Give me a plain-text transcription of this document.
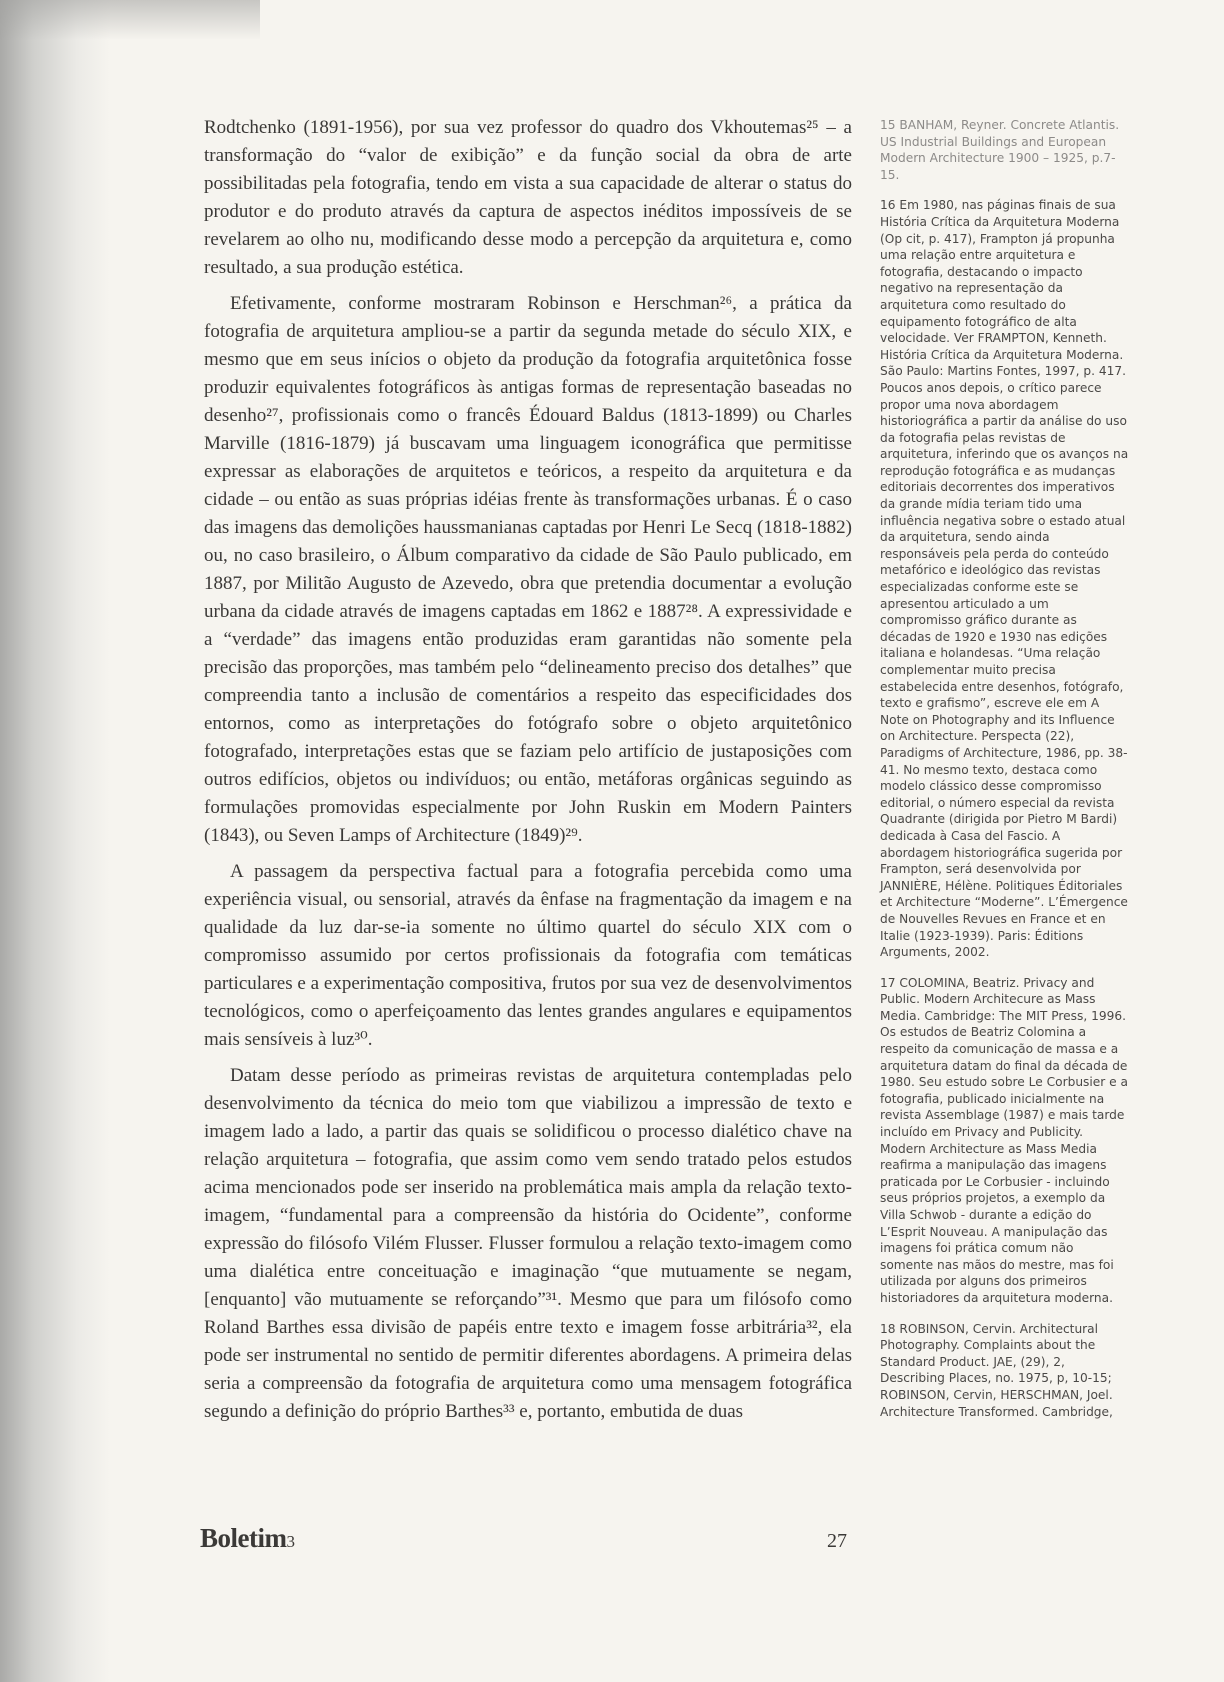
Rodtchenko (1891-1956), por sua vez professor do quadro dos Vkhoutemas²⁵ – a transformação do “valor de exibição” e da função social da obra de arte possibilitadas pela fotografia, tendo em vista a sua capacidade de alterar o status do produtor e do produto através da captura de aspectos inéditos impossíveis de se revelarem ao olho nu, modificando desse modo a percepção da arquitetura e, como resultado, a sua produção estética.

Efetivamente, conforme mostraram Robinson e Herschman²⁶, a prática da fotografia de arquitetura ampliou-se a partir da segunda metade do século XIX, e mesmo que em seus inícios o objeto da produção da fotografia arquitetônica fosse produzir equivalentes fotográficos às antigas formas de representação baseadas no desenho²⁷, profissionais como o francês Édouard Baldus (1813-1899) ou Charles Marville (1816-1879) já buscavam uma linguagem iconográfica que permitisse expressar as elaborações de arquitetos e teóricos, a respeito da arquitetura e da cidade – ou então as suas próprias idéias frente às transformações urbanas. É o caso das imagens das demolições haussmanianas captadas por Henri Le Secq (1818-1882) ou, no caso brasileiro, o Álbum comparativo da cidade de São Paulo publicado, em 1887, por Militão Augusto de Azevedo, obra que pretendia documentar a evolução urbana da cidade através de imagens captadas em 1862 e 1887²⁸. A expressividade e a “verdade” das imagens então produzidas eram garantidas não somente pela precisão das proporções, mas também pelo “delineamento preciso dos detalhes” que compreendia tanto a inclusão de comentários a respeito das especificidades dos entornos, como as interpretações do fotógrafo sobre o objeto arquitetônico fotografado, interpretações estas que se faziam pelo artifício de justaposições com outros edifícios, objetos ou indivíduos; ou então, metáforas orgânicas seguindo as formulações promovidas especialmente por John Ruskin em Modern Painters (1843), ou Seven Lamps of Architecture (1849)²⁹.

A passagem da perspectiva factual para a fotografia percebida como uma experiência visual, ou sensorial, através da ênfase na fragmentação da imagem e na qualidade da luz dar-se-ia somente no último quartel do século XIX com o compromisso assumido por certos profissionais da fotografia com temáticas particulares e a experimentação compositiva, frutos por sua vez de desenvolvimentos tecnológicos, como o aperfeiçoamento das lentes grandes angulares e equipamentos mais sensíveis à luz³⁰.

Datam desse período as primeiras revistas de arquitetura contempladas pelo desenvolvimento da técnica do meio tom que viabilizou a impressão de texto e imagem lado a lado, a partir das quais se solidificou o processo dialético chave na relação arquitetura – fotografia, que assim como vem sendo tratado pelos estudos acima mencionados pode ser inserido na problemática mais ampla da relação texto-imagem, “fundamental para a compreensão da história do Ocidente”, conforme expressão do filósofo Vilém Flusser. Flusser formulou a relação texto-imagem como uma dialética entre conceituação e imaginação “que mutuamente se negam, [enquanto] vão mutuamente se reforçando”³¹. Mesmo que para um filósofo como Roland Barthes essa divisão de papéis entre texto e imagem fosse arbitrária³², ela pode ser instrumental no sentido de permitir diferentes abordagens. A primeira delas seria a compreensão da fotografia de arquitetura como uma mensagem fotográfica segundo a definição do próprio Barthes³³ e, portanto, embutida de duas

15 BANHAM, Reyner. Concrete Atlantis. US Industrial Buildings and European Modern Architecture 1900 – 1925, p.7-15.

16 Em 1980, nas páginas finais de sua História Crítica da Arquitetura Moderna (Op cit, p. 417), Frampton já propunha uma relação entre arquitetura e fotografia, destacando o impacto negativo na representação da arquitetura como resultado do equipamento fotográfico de alta velocidade. Ver FRAMPTON, Kenneth. História Crítica da Arquitetura Moderna. São Paulo: Martins Fontes, 1997, p. 417. Poucos anos depois, o crítico parece propor uma nova abordagem historiográfica a partir da análise do uso da fotografia pelas revistas de arquitetura, inferindo que os avanços na reprodução fotográfica e as mudanças editoriais decorrentes dos imperativos da grande mídia teriam tido uma influência negativa sobre o estado atual da arquitetura, sendo ainda responsáveis pela perda do conteúdo metafórico e ideológico das revistas especializadas conforme este se apresentou articulado a um compromisso gráfico durante as décadas de 1920 e 1930 nas edições italiana e holandesas. “Uma relação complementar muito precisa estabelecida entre desenhos, fotógrafo, texto e grafismo”, escreve ele em A Note on Photography and its Influence on Architecture. Perspecta (22), Paradigms of Architecture, 1986, pp. 38-41. No mesmo texto, destaca como modelo clássico desse compromisso editorial, o número especial da revista Quadrante (dirigida por Pietro M Bardi) dedicada à Casa del Fascio. A abordagem historiográfica sugerida por Frampton, será desenvolvida por JANNIÈRE, Hélène. Politiques Éditoriales et Architecture “Moderne”. L’Émergence de Nouvelles Revues en France et en Italie (1923-1939). Paris: Éditions Arguments, 2002.

17 COLOMINA, Beatriz. Privacy and Public. Modern Architecure as Mass Media. Cambridge: The MIT Press, 1996. Os estudos de Beatriz Colomina a respeito da comunicação de massa e a arquitetura datam do final da década de 1980. Seu estudo sobre Le Corbusier e a fotografia, publicado inicialmente na revista Assemblage (1987) e mais tarde incluído em Privacy and Publicity. Modern Architecture as Mass Media reafirma a manipulação das imagens praticada por Le Corbusier - incluindo seus próprios projetos, a exemplo da Villa Schwob - durante a edição do L’Esprit Nouveau. A manipulação das imagens foi prática comum não somente nas mãos do mestre, mas foi utilizada por alguns dos primeiros historiadores da arquitetura moderna.

18 ROBINSON, Cervin. Architectural Photography. Complaints about the Standard Product. JAE, (29), 2, Describing Places, no. 1975, p, 10-15; ROBINSON, Cervin, HERSCHMAN, Joel. Architecture Transformed. Cambridge,

Boletim3	27
